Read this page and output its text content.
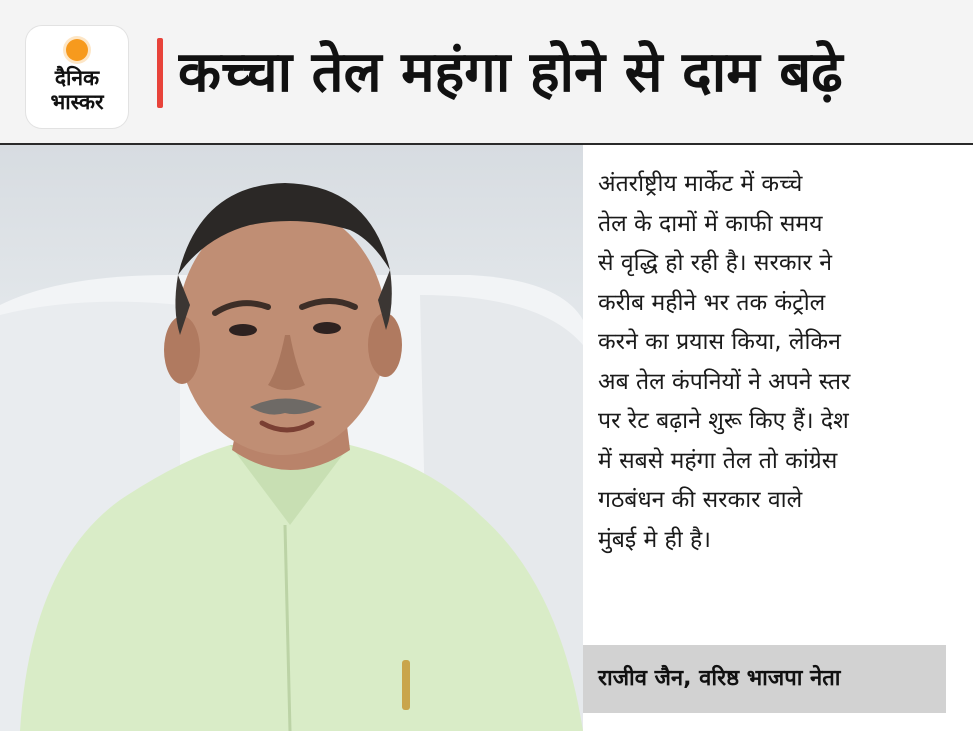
दैनिक
भास्कर	कच्चा तेल महंगा होने से दाम बढ़े
अंतर्राष्ट्रीय मार्केट में कच्चे
तेल के दामों में काफी समय
से वृद्धि हो रही है। सरकार ने
करीब महीने भर तक कंट्रोल
करने का प्रयास किया, लेकिन
अब तेल कंपनियों ने अपने स्तर
पर रेट बढ़ाने शुरू किए हैं। देश
में सबसे महंगा तेल तो कांग्रेस
गठबंधन की सरकार वाले
मुंबई मे ही है।
राजीव जैन, वरिष्ठ भाजपा नेता
